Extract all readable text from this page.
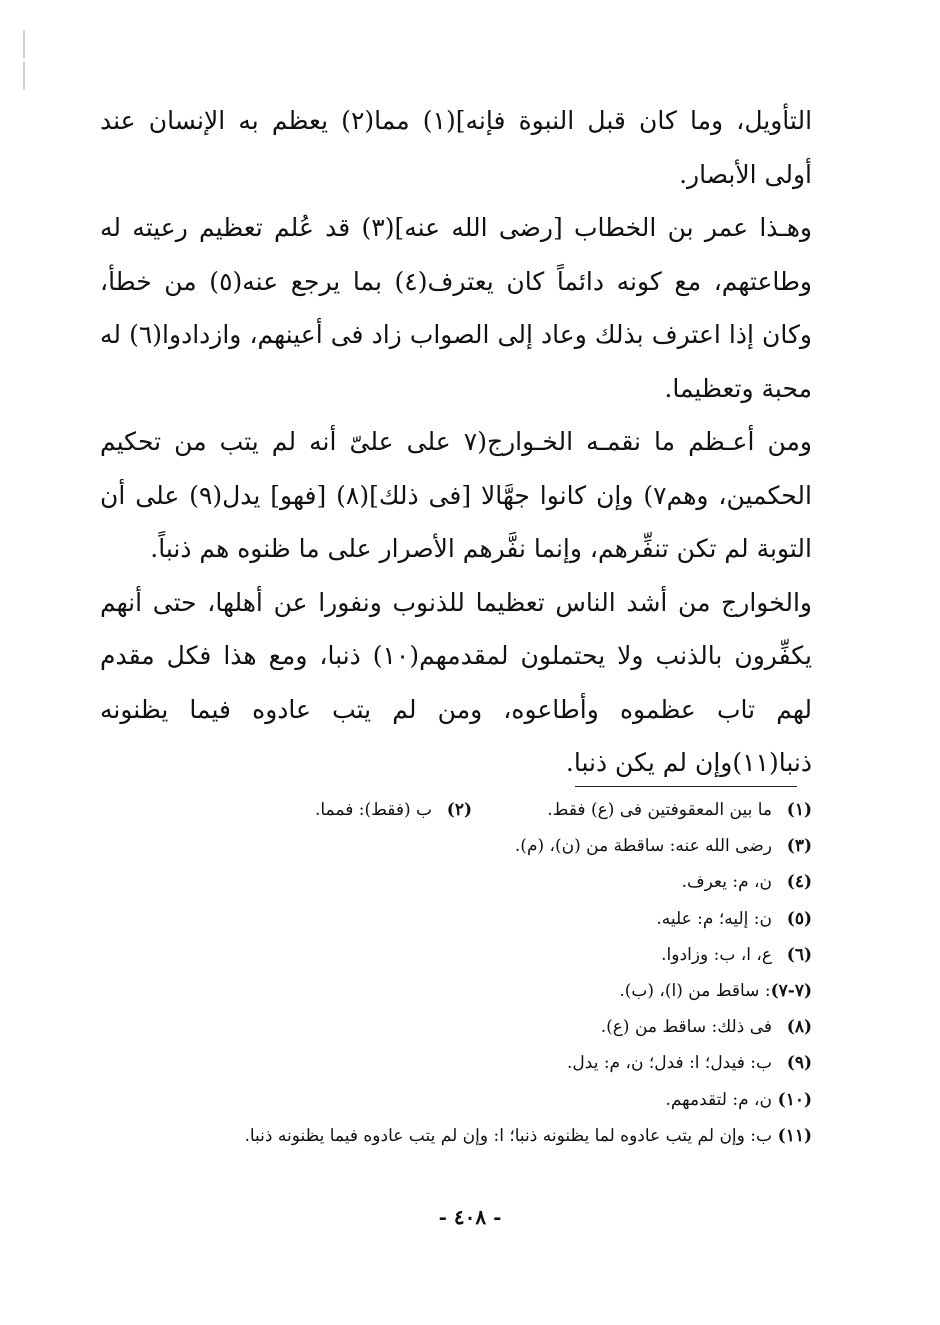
التأويل، وما كان قبل النبوة فإنه](١) مما(٢) يعظم به الإنسان عند أولى الأبصار.

وهـذا عمر بن الخطاب [رضى الله عنه](٣) قد عُلم تعظيم رعيته له وطاعتهم، مع كونه دائماً كان يعترف(٤) بما يرجع عنه(٥) من خطأ، وكان إذا اعترف بذلك وعاد إلى الصواب زاد فى أعينهم، وازدادوا(٦) له محبة وتعظيما.

ومن أعـظم ما نقمـه الخـوارج(٧ على علىّ أنه لم يتب من تحكيم الحكمين، وهم٧) وإن كانوا جهَّالا [فى ذلك](٨) [فهو] يدل(٩) على أن التوبة لم تكن تنفِّرهم، وإنما نفَّرهم الأصرار على ما ظنوه هم ذنباً.

والخوارج من أشد الناس تعظيما للذنوب ونفورا عن أهلها، حتى أنهم يكفِّرون بالذنب ولا يحتملون لمقدمهم(١٠) ذنبا، ومع هذا فكل مقدم لهم تاب عظموه وأطاعوه، ومن لم يتب عادوه فيما يظنونه ذنبا(١١)وإن لم يكن ذنبا.

(١)
ما بين المعقوفتين فى (ع) فقط.
(٢)
ب (فقط): فمما.
(٣)
رضى الله عنه: ساقطة من (ن)، (م).
(٤)
ن، م: يعرف.
(٥)
ن: إليه؛ م: عليه.
(٦)
ع، ا، ب: وزادوا.
(٧-٧)
: ساقط من (ا)، (ب).
(٨)
فى ذلك: ساقط من (ع).
(٩)
ب: فيدل؛ ا: فدل؛ ن، م: يدل.
(١٠)
ن، م: لتقدمهم.
(١١)
ب: وإن لم يتب عادوه لما يظنونه ذنبا؛ ا: وإن لم يتب عادوه فيما يظنونه ذنبا.
- ٤٠٨ -
